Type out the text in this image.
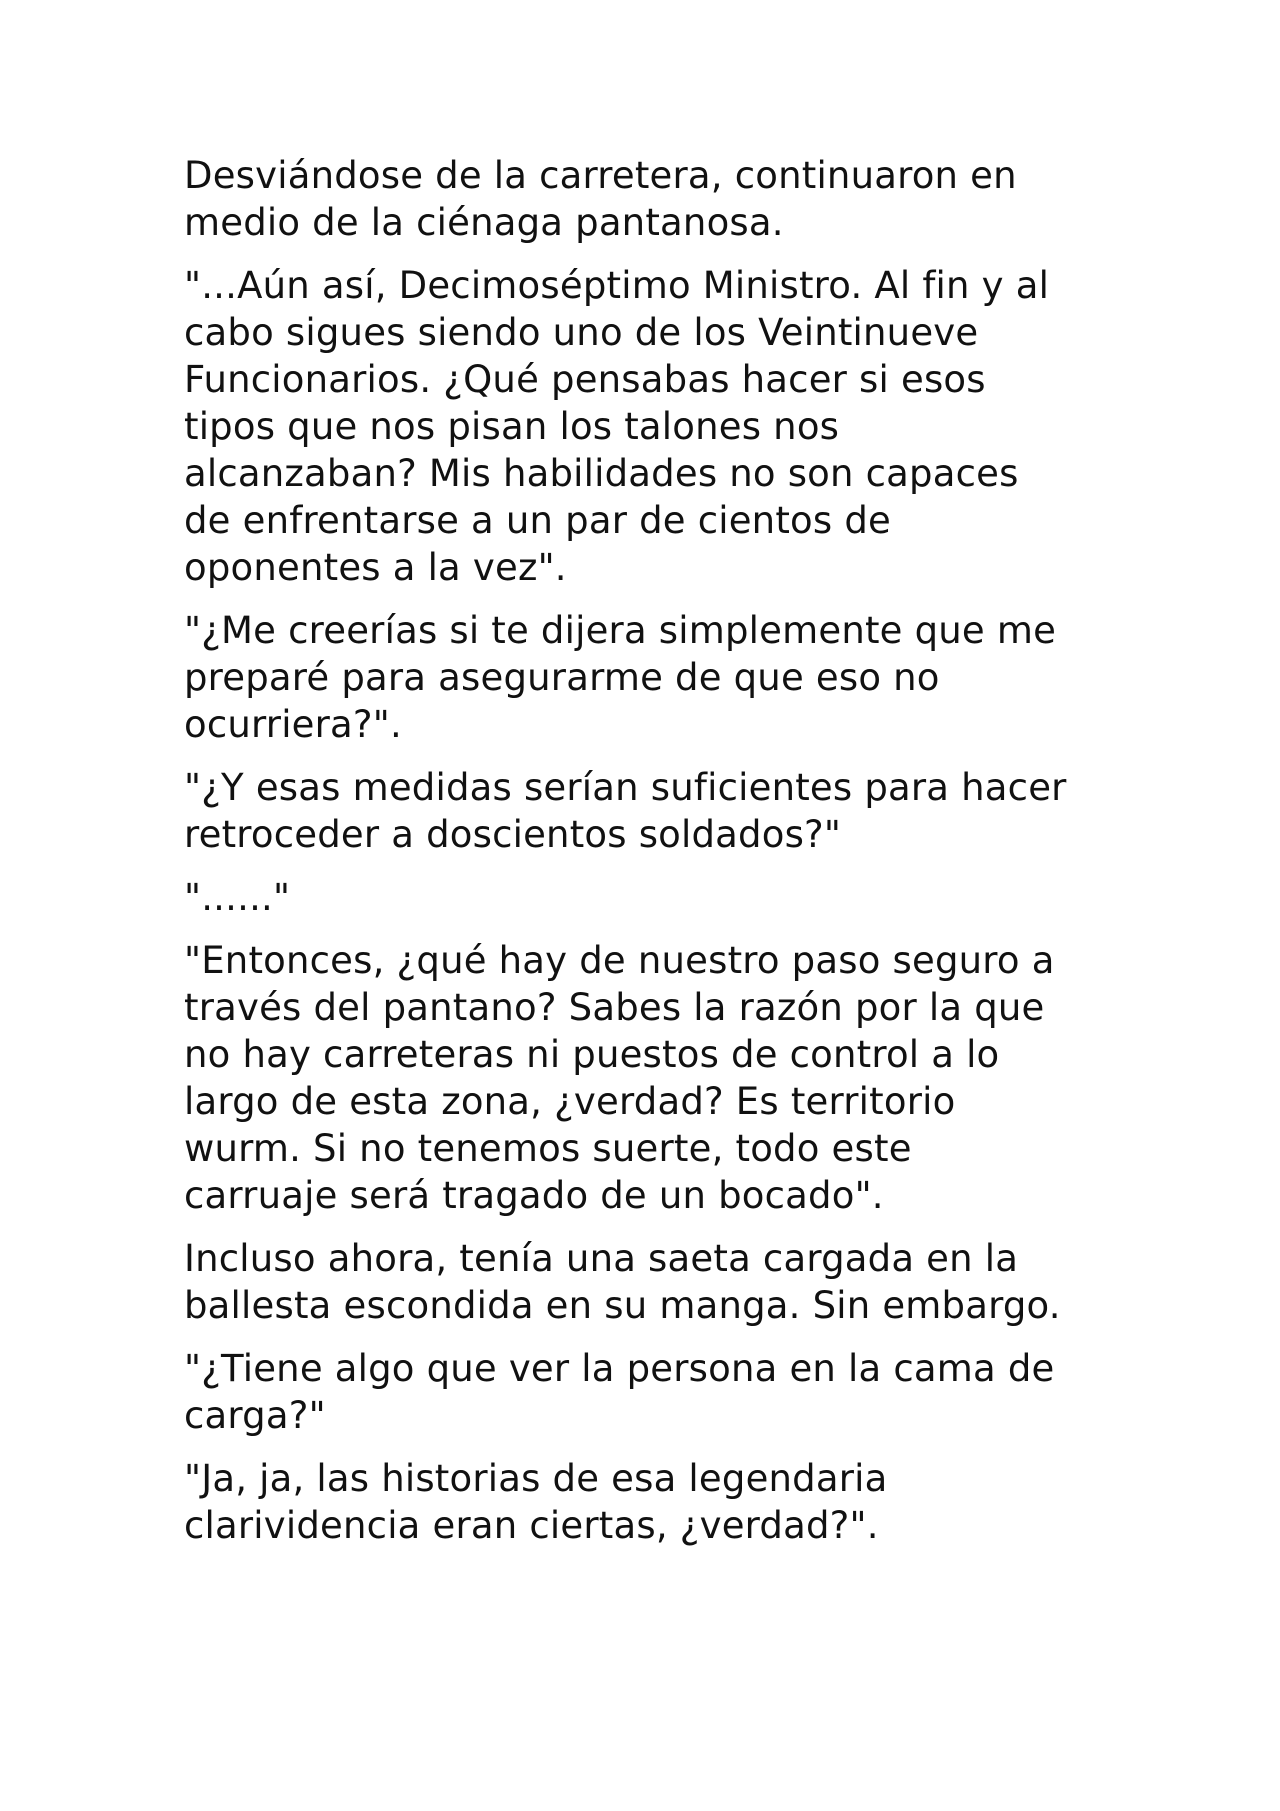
Desviándose de la carretera, continuaron en
medio de la ciénaga pantanosa.

"...Aún así, Decimoséptimo Ministro. Al fin y al
cabo sigues siendo uno de los Veintinueve
Funcionarios. ¿Qué pensabas hacer si esos
tipos que nos pisan los talones nos
alcanzaban? Mis habilidades no son capaces
de enfrentarse a un par de cientos de
oponentes a la vez".

"¿Me creerías si te dijera simplemente que me
preparé para asegurarme de que eso no
ocurriera?".

"¿Y esas medidas serían suficientes para hacer
retroceder a doscientos soldados?"

"......"

"Entonces, ¿qué hay de nuestro paso seguro a
través del pantano? Sabes la razón por la que
no hay carreteras ni puestos de control a lo
largo de esta zona, ¿verdad? Es territorio
wurm. Si no tenemos suerte, todo este
carruaje será tragado de un bocado".

Incluso ahora, tenía una saeta cargada en la
ballesta escondida en su manga. Sin embargo.

"¿Tiene algo que ver la persona en la cama de
carga?"

"Ja, ja, las historias de esa legendaria
clarividencia eran ciertas, ¿verdad?".
